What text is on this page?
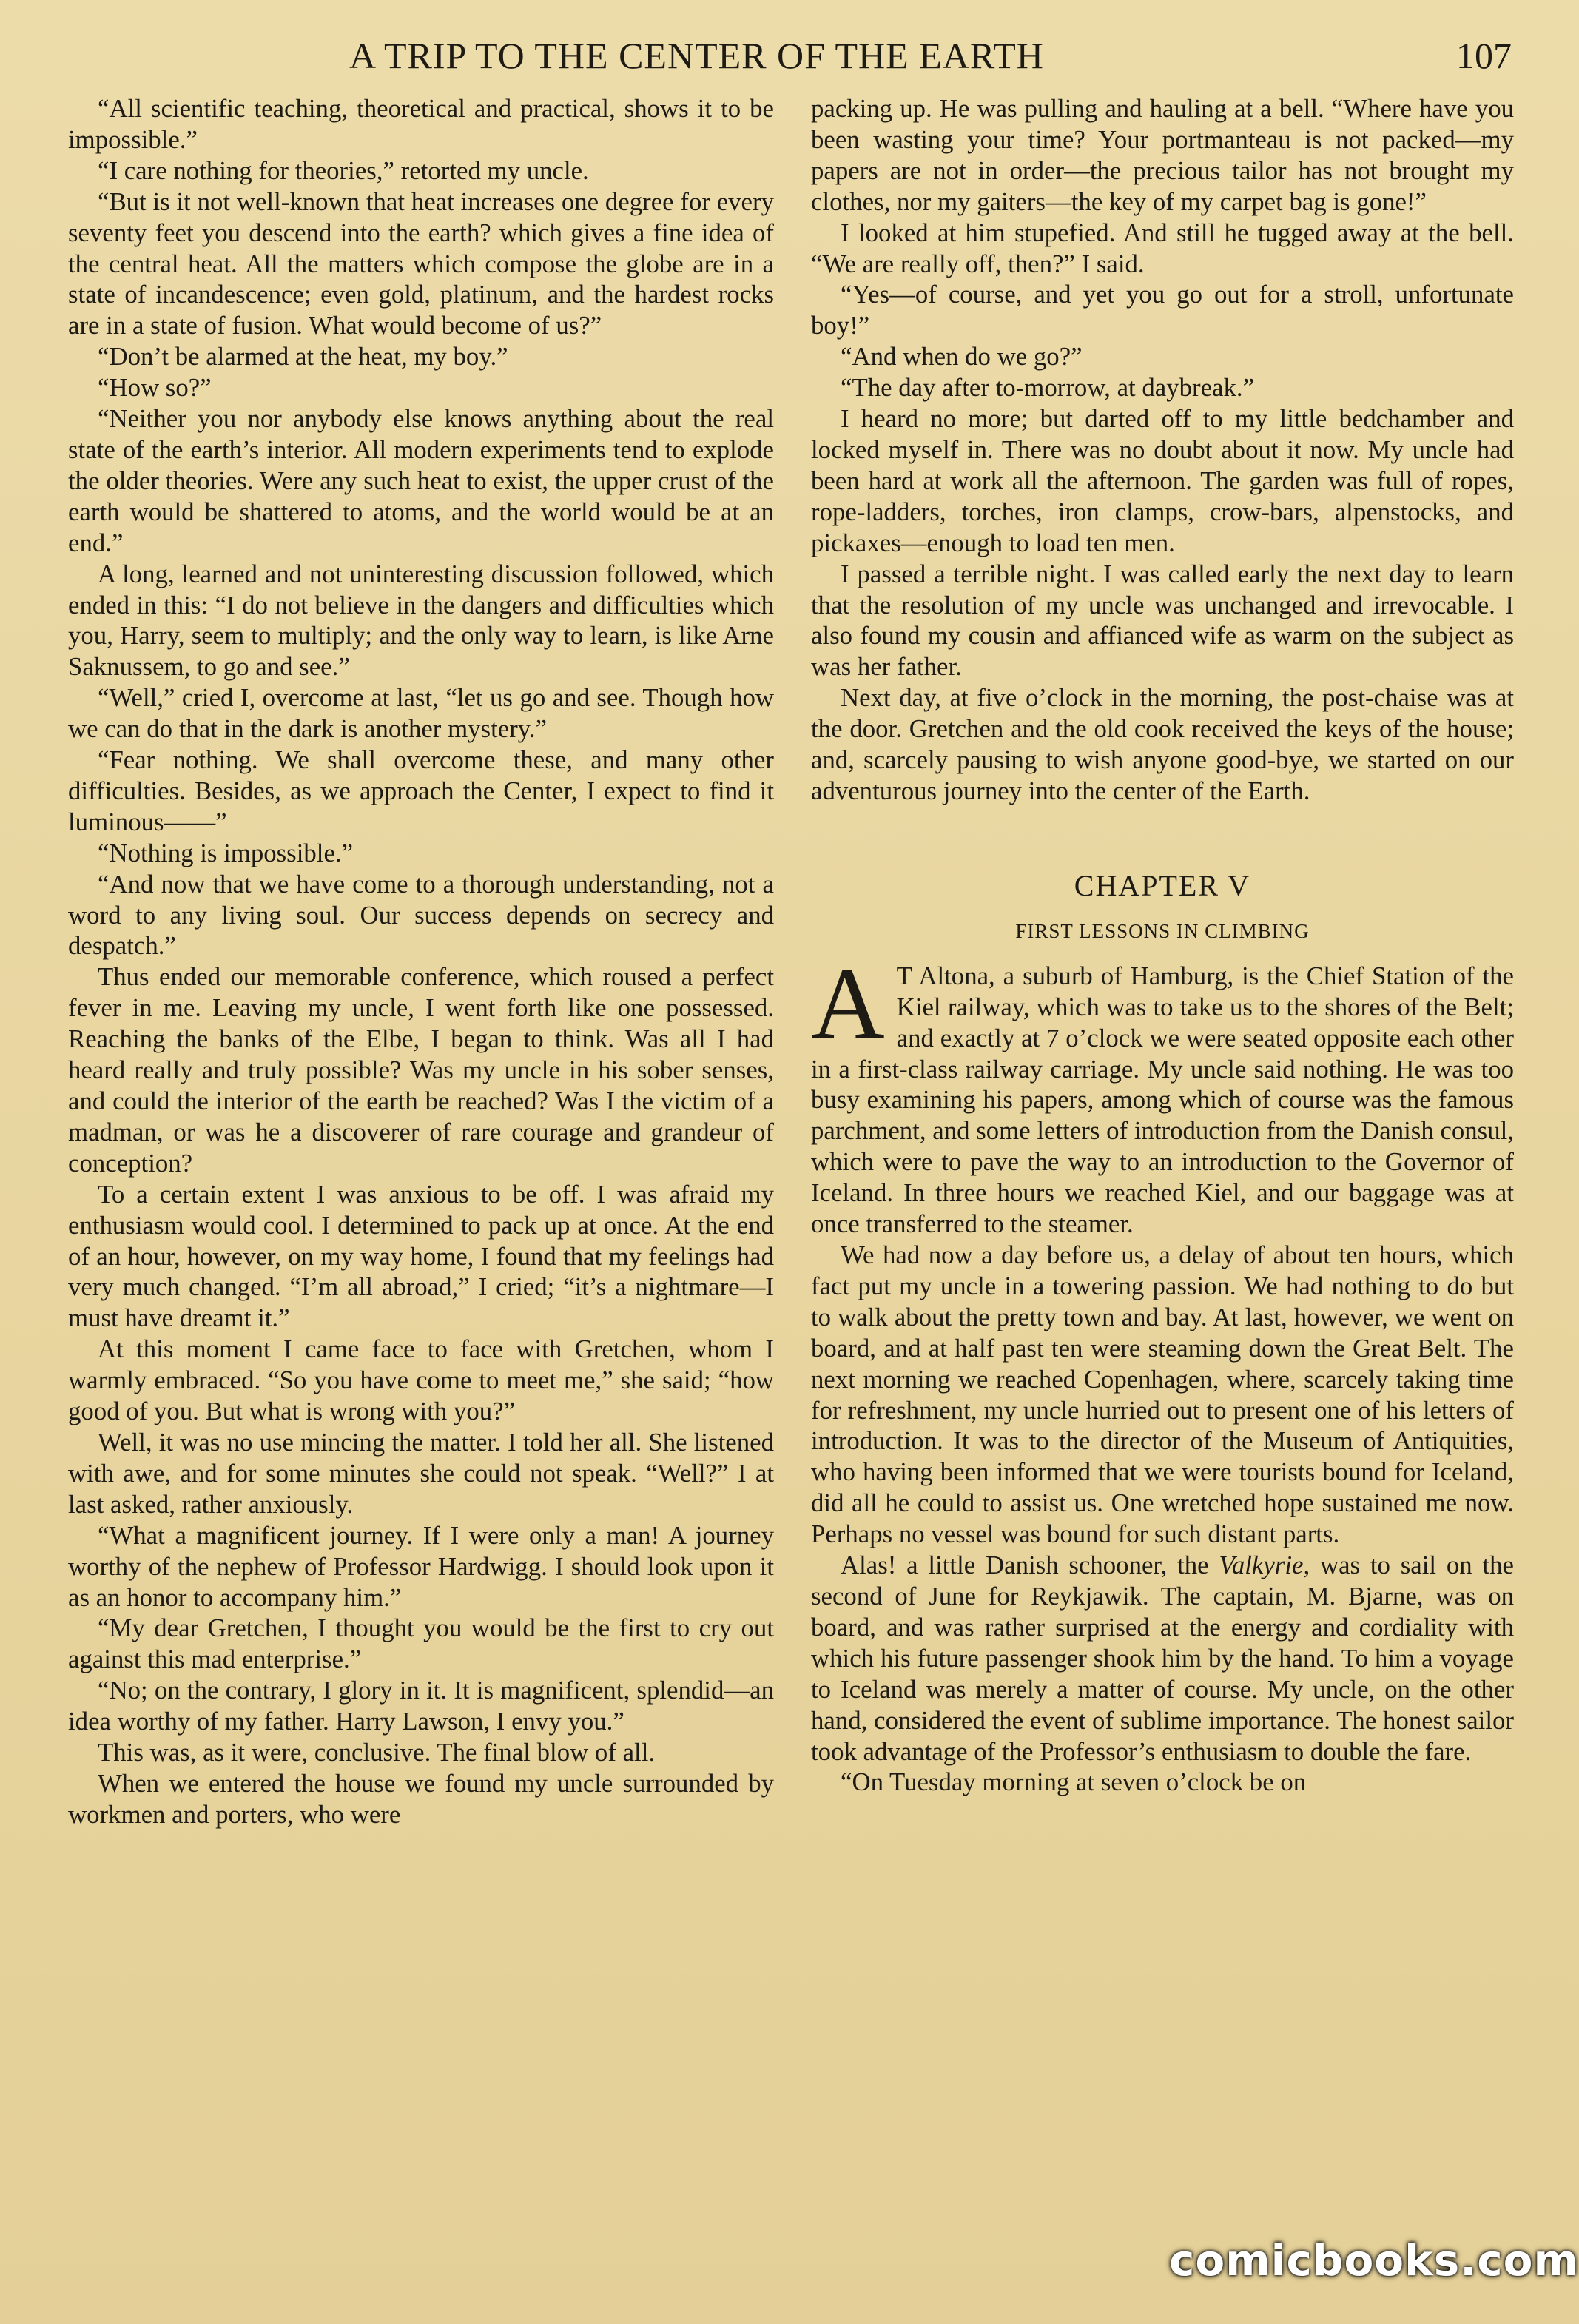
A TRIP TO THE CENTER OF THE EARTH	107

“All scientific teaching, theoretical and practical, shows it to be impossible.”

“I care nothing for theories,” retorted my uncle.

“But is it not well-known that heat increases one degree for every seventy feet you descend into the earth? which gives a fine idea of the central heat. All the matters which compose the globe are in a state of incandescence; even gold, platinum, and the hardest rocks are in a state of fusion. What would become of us?”

“Don’t be alarmed at the heat, my boy.”

“How so?”

“Neither you nor anybody else knows anything about the real state of the earth’s interior. All modern experiments tend to explode the older theories. Were any such heat to exist, the upper crust of the earth would be shattered to atoms, and the world would be at an end.”

A long, learned and not uninteresting discussion followed, which ended in this: “I do not believe in the dangers and difficulties which you, Harry, seem to multiply; and the only way to learn, is like Arne Saknussem, to go and see.”

“Well,” cried I, overcome at last, “let us go and see. Though how we can do that in the dark is another mystery.”

“Fear nothing. We shall overcome these, and many other difficulties. Besides, as we approach the Center, I expect to find it luminous——”

“Nothing is impossible.”

“And now that we have come to a thorough understanding, not a word to any living soul. Our success depends on secrecy and despatch.”

Thus ended our memorable conference, which roused a perfect fever in me. Leaving my uncle, I went forth like one possessed. Reaching the banks of the Elbe, I began to think. Was all I had heard really and truly possible? Was my uncle in his sober senses, and could the interior of the earth be reached? Was I the victim of a madman, or was he a discoverer of rare courage and grandeur of conception?

To a certain extent I was anxious to be off. I was afraid my enthusiasm would cool. I determined to pack up at once. At the end of an hour, however, on my way home, I found that my feelings had very much changed. “I’m all abroad,” I cried; “it’s a nightmare—I must have dreamt it.”

At this moment I came face to face with Gretchen, whom I warmly embraced. “So you have come to meet me,” she said; “how good of you. But what is wrong with you?”

Well, it was no use mincing the matter. I told her all. She listened with awe, and for some minutes she could not speak. “Well?” I at last asked, rather anxiously.

“What a magnificent journey. If I were only a man! A journey worthy of the nephew of Professor Hardwigg. I should look upon it as an honor to accompany him.”

“My dear Gretchen, I thought you would be the first to cry out against this mad enterprise.”

“No; on the contrary, I glory in it. It is magnificent, splendid—an idea worthy of my father. Harry Lawson, I envy you.”

This was, as it were, conclusive. The final blow of all.

When we entered the house we found my uncle surrounded by workmen and porters, who were

packing up. He was pulling and hauling at a bell. “Where have you been wasting your time? Your portmanteau is not packed—my papers are not in order—the precious tailor has not brought my clothes, nor my gaiters—the key of my carpet bag is gone!”

I looked at him stupefied. And still he tugged away at the bell. “We are really off, then?” I said.

“Yes—of course, and yet you go out for a stroll, unfortunate boy!”

“And when do we go?”

“The day after to-morrow, at daybreak.”

I heard no more; but darted off to my little bedchamber and locked myself in. There was no doubt about it now. My uncle had been hard at work all the afternoon. The garden was full of ropes, rope-ladders, torches, iron clamps, crow-bars, alpenstocks, and pickaxes—enough to load ten men.

I passed a terrible night. I was called early the next day to learn that the resolution of my uncle was unchanged and irrevocable. I also found my cousin and affianced wife as warm on the subject as was her father.

Next day, at five o’clock in the morning, the post-chaise was at the door. Gretchen and the old cook received the keys of the house; and, scarcely pausing to wish anyone good-bye, we started on our adventurous journey into the center of the Earth.

CHAPTER V
FIRST LESSONS IN CLIMBING

A T Altona, a suburb of Hamburg, is the Chief Station of the Kiel railway, which was to take us to the shores of the Belt; and exactly at 7 o’clock we were seated opposite each other in a first-class railway carriage. My uncle said nothing. He was too busy examining his papers, among which of course was the famous parchment, and some letters of introduction from the Danish consul, which were to pave the way to an introduction to the Governor of Iceland. In three hours we reached Kiel, and our baggage was at once transferred to the steamer.

We had now a day before us, a delay of about ten hours, which fact put my uncle in a towering passion. We had nothing to do but to walk about the pretty town and bay. At last, however, we went on board, and at half past ten were steaming down the Great Belt. The next morning we reached Copenhagen, where, scarcely taking time for refreshment, my uncle hurried out to present one of his letters of introduction. It was to the director of the Museum of Antiquities, who having been informed that we were tourists bound for Iceland, did all he could to assist us. One wretched hope sustained me now. Perhaps no vessel was bound for such distant parts.

Alas! a little Danish schooner, the Valkyrie, was to sail on the second of June for Reykjawik. The captain, M. Bjarne, was on board, and was rather surprised at the energy and cordiality with which his future passenger shook him by the hand. To him a voyage to Iceland was merely a matter of course. My uncle, on the other hand, considered the event of sublime importance. The honest sailor took advantage of the Professor’s enthusiasm to double the fare.

“On Tuesday morning at seven o’clock be on

comicbooks.com
